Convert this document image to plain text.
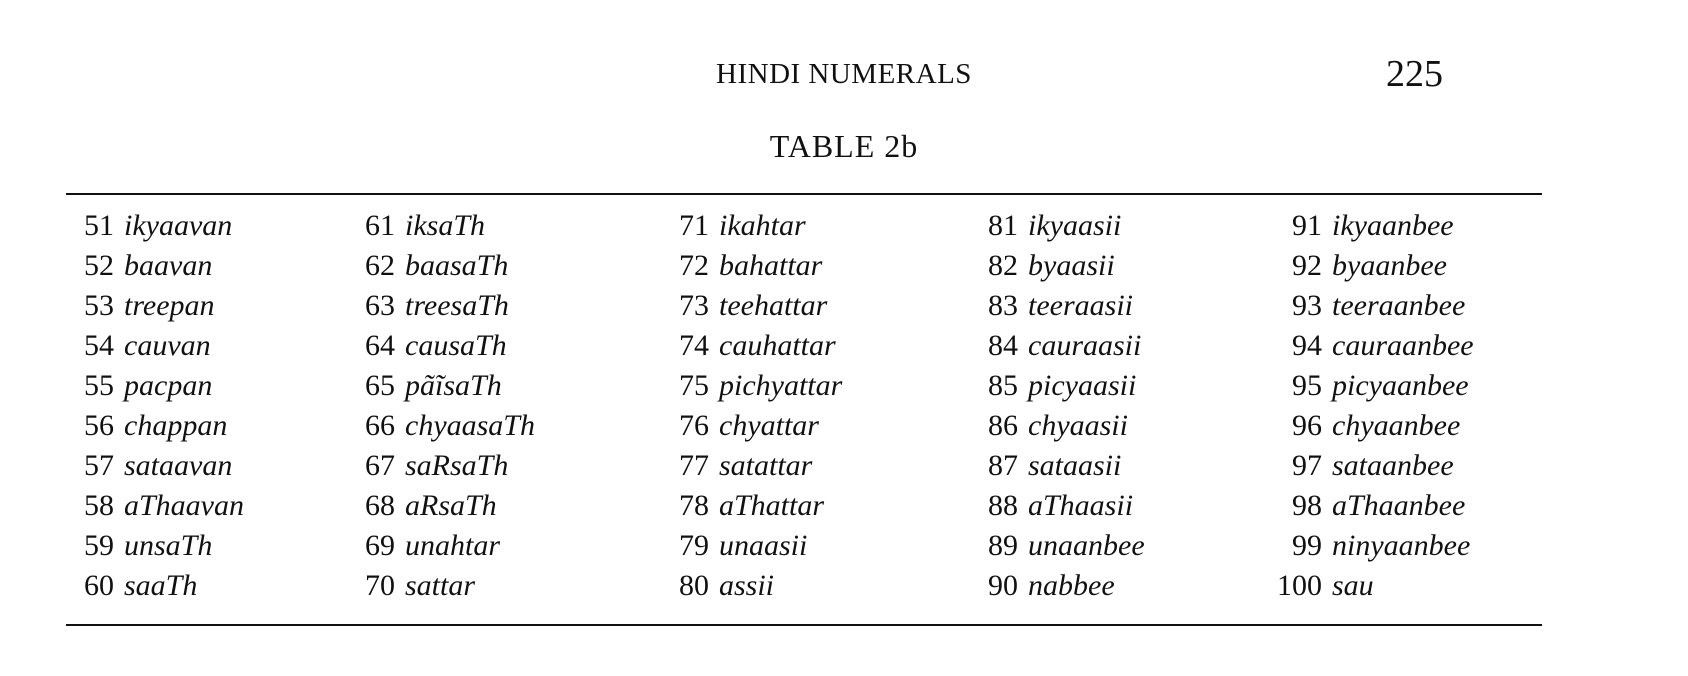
HINDI NUMERALS	225
TABLE 2b
51 ikyaavan
52 baavan
53 treepan
54 cauvan
55 pacpan
56 chappan
57 sataavan
58 aThaavan
59 unsaTh
60 saaTh
61 iksaTh
62 baasaTh
63 treesaTh
64 causaTh
65 pãĩsaTh
66 chyaasaTh
67 saRsaTh
68 aRsaTh
69 unahtar
70 sattar
71 ikahtar
72 bahattar
73 teehattar
74 cauhattar
75 pichyattar
76 chyattar
77 satattar
78 aThattar
79 unaasii
80 assii
81 ikyaasii
82 byaasii
83 teeraasii
84 cauraasii
85 picyaasii
86 chyaasii
87 sataasii
88 aThaasii
89 unaanbee
90 nabbee
91 ikyaanbee
92 byaanbee
93 teeraanbee
94 cauraanbee
95 picyaanbee
96 chyaanbee
97 sataanbee
98 aThaanbee
99 ninyaanbee
100 sau
